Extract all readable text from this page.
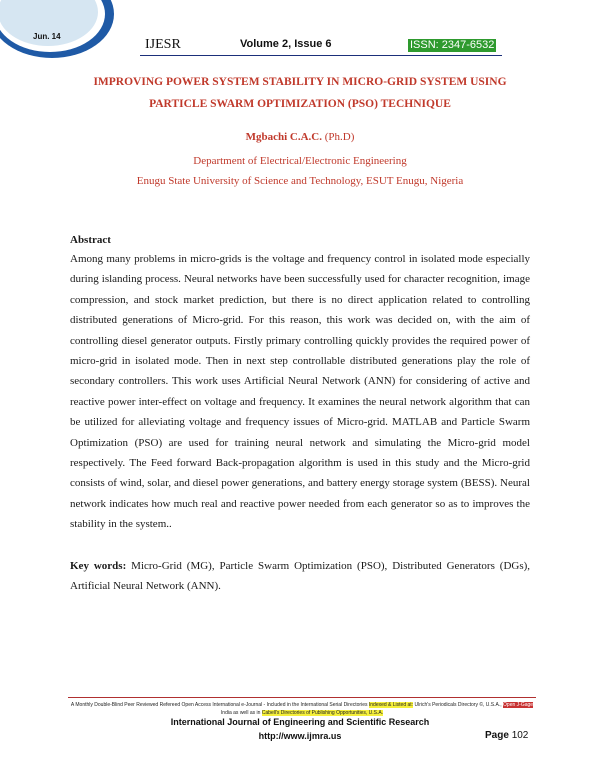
Jun. 14
IJESR	Volume 2, Issue 6	ISSN: 2347-6532
IMPROVING POWER SYSTEM STABILITY IN MICRO-GRID SYSTEM USING
PARTICLE SWARM OPTIMIZATION (PSO) TECHNIQUE
Mgbachi C.A.C. (Ph.D)
Department of Electrical/Electronic Engineering
Enugu State University of Science and Technology, ESUT Enugu, Nigeria
Abstract
Among many problems in micro-grids is the voltage and frequency control in isolated mode especially during islanding process. Neural networks have been successfully used for character recognition, image compression, and stock market prediction, but there is no direct application related to controlling distributed generations of Micro-grid. For this reason, this work was decided on, with the aim of controlling diesel generator outputs. Firstly primary controlling quickly provides the required power of micro-grid in isolated mode. Then in next step controllable distributed generations play the role of secondary controllers. This work uses Artificial Neural Network (ANN) for considering of active and reactive power inter-effect on voltage and frequency. It examines the neural network algorithm that can be utilized for alleviating voltage and frequency issues of Micro-grid. MATLAB and Particle Swarm Optimization (PSO) are used for training neural network and simulating the Micro-grid model respectively. The Feed forward Back-propagation algorithm is used in this study and the Micro-grid consists of wind, solar, and diesel power generations, and battery energy storage system (BESS). Neural network indicates how much real and reactive power needed from each generator so as to improves the stability in the system..
Key words: Micro-Grid (MG), Particle Swarm Optimization (PSO), Distributed Generators (DGs), Artificial Neural Network (ANN).
A Monthly Double-Blind Peer Reviewed Refereed Open Access International e-Journal - Included in the International Serial Directories Indexed & Listed at: Ulrich's Periodicals Directory ©, U.S.A., Open J-Gage India as well as in Cabell's Directories of Publishing Opportunities, U.S.A.
International Journal of Engineering and Scientific Research
http://www.ijmra.us	Page 102
